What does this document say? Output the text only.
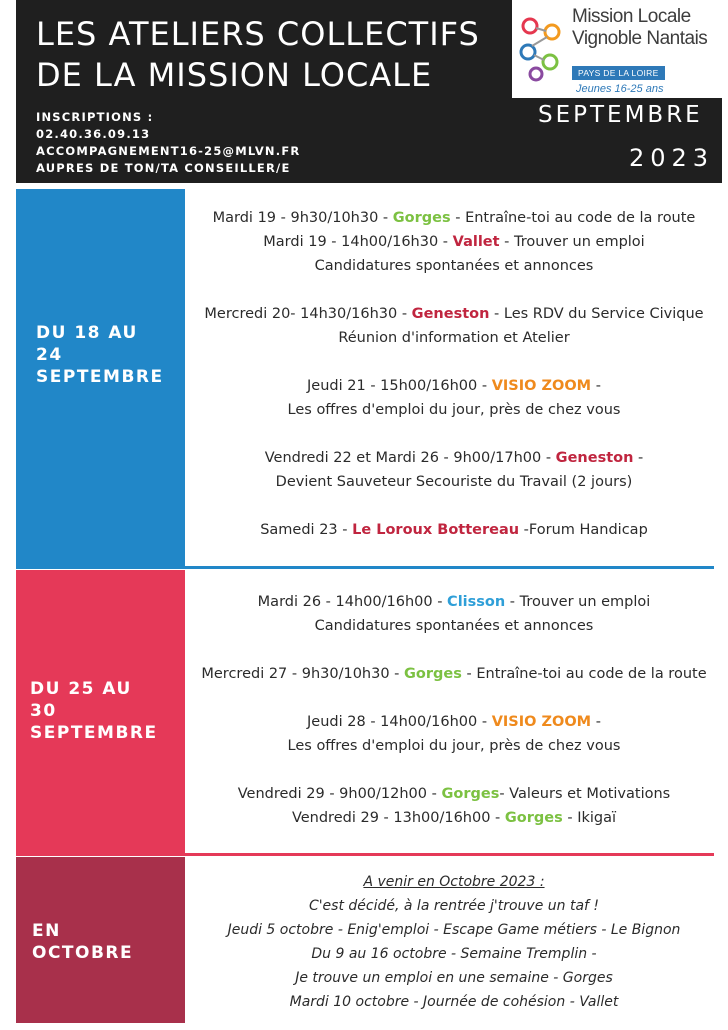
LES ATELIERS COLLECTIFS
DE LA MISSION LOCALE
INSCRIPTIONS :
02.40.36.09.13
ACCOMPAGNEMENT16-25@MLVN.FR
AUPRES DE TON/TA CONSEILLER/E
Mission Locale
Vignoble Nantais
PAYS DE LA LOIRE
Jeunes 16-25 ans
SEPTEMBRE
2023
DU 18 AU
24
SEPTEMBRE
Mardi 19 - 9h30/10h30 - Gorges - Entraîne-toi au code de la route
Mardi 19 - 14h00/16h30 - Vallet - Trouver un emploi
Candidatures spontanées et annonces
Mercredi 20- 14h30/16h30 - Geneston - Les RDV du Service Civique
Réunion d'information et Atelier
Jeudi 21 - 15h00/16h00 - VISIO ZOOM -
Les offres d'emploi du jour, près de chez vous
Vendredi 22 et Mardi 26 - 9h00/17h00 - Geneston -
Devient Sauveteur Secouriste du Travail (2 jours)
Samedi 23 - Le Loroux Bottereau -Forum Handicap
DU 25 AU
30
SEPTEMBRE
Mardi 26 - 14h00/16h00 - Clisson - Trouver un emploi
Candidatures spontanées et annonces
Mercredi 27 - 9h30/10h30 - Gorges - Entraîne-toi au code de la route
Jeudi 28 - 14h00/16h00 - VISIO ZOOM -
Les offres d'emploi du jour, près de chez vous
Vendredi 29 - 9h00/12h00 - Gorges- Valeurs et Motivations
Vendredi 29 - 13h00/16h00 - Gorges - Ikigaï
EN
OCTOBRE
A venir en Octobre 2023 :
C'est décidé, à la rentrée j'trouve un taf !
Jeudi 5 octobre - Enig'emploi - Escape Game métiers - Le Bignon
Du 9 au 16 octobre - Semaine Tremplin -
Je trouve un emploi en une semaine - Gorges
Mardi 10 octobre - Journée de cohésion - Vallet
